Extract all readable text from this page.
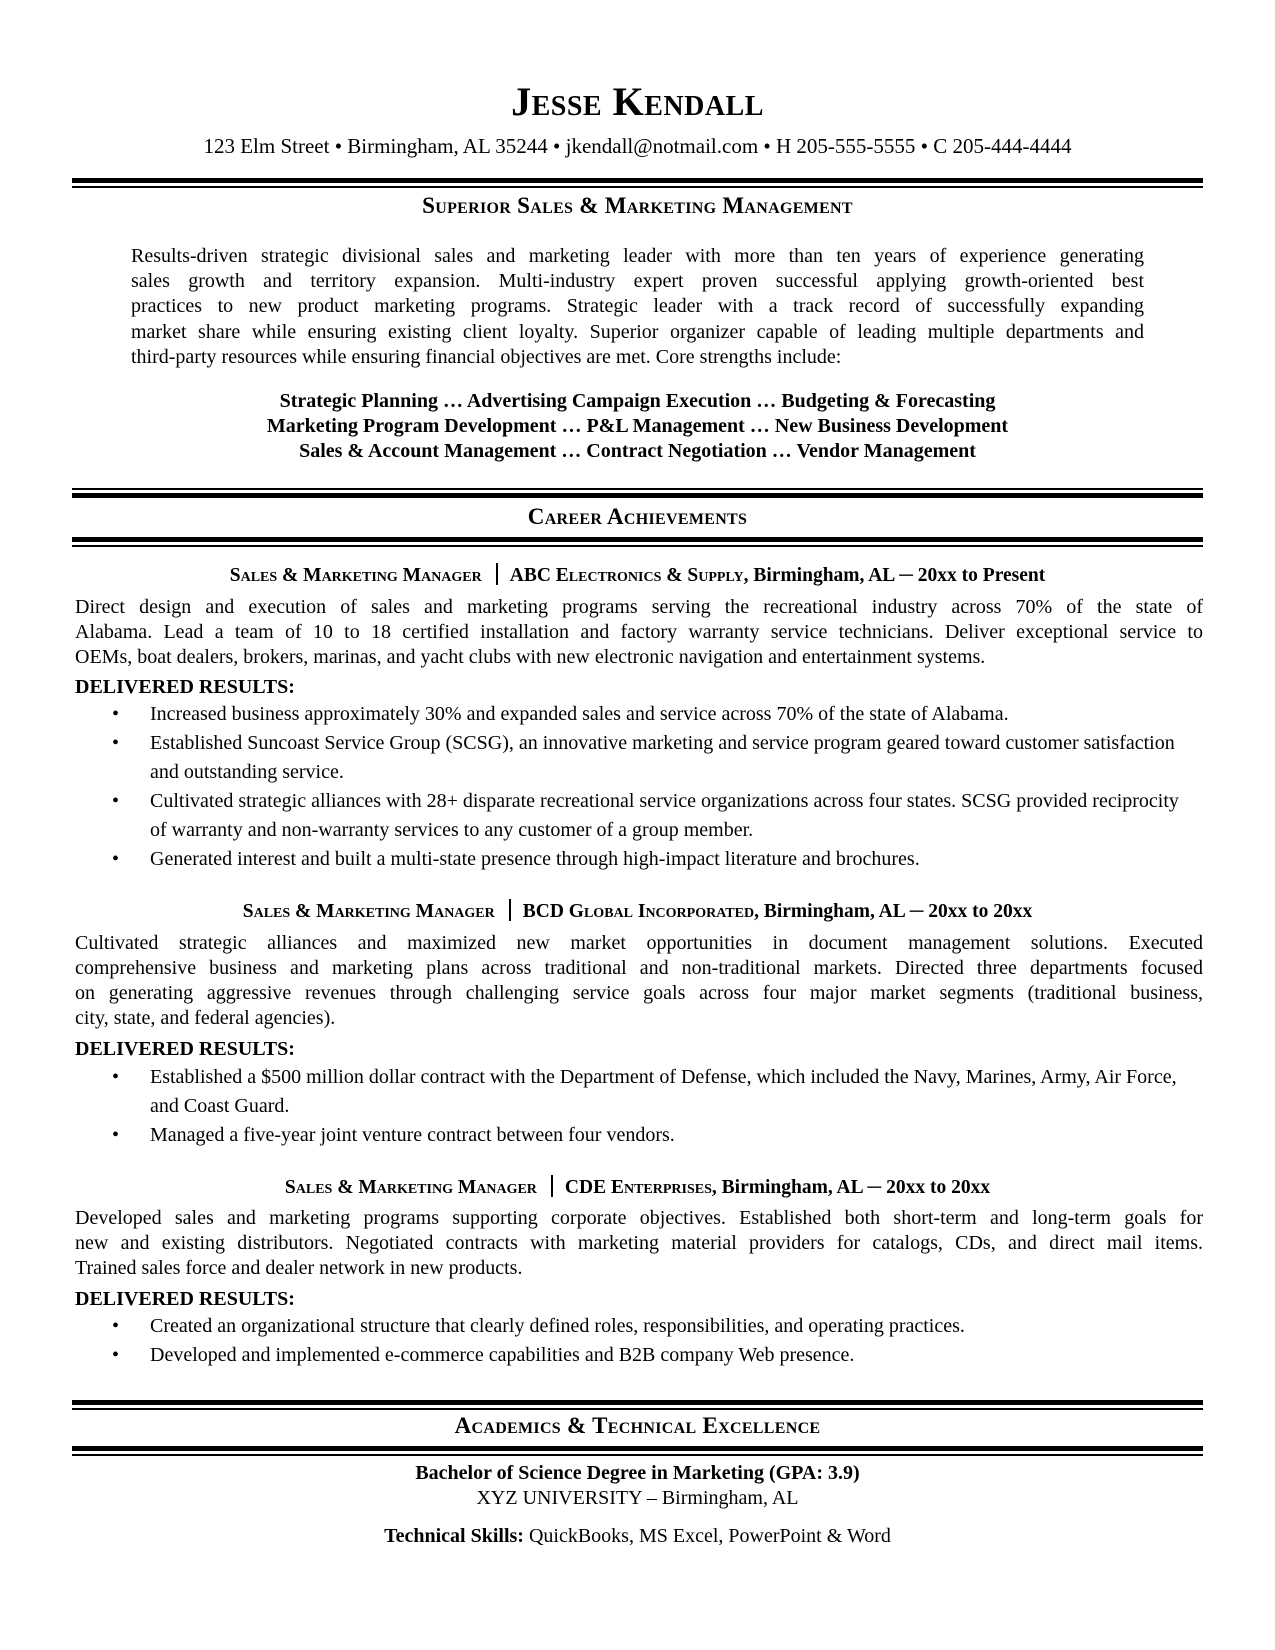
Jesse Kendall
123 Elm Street • Birmingham, AL 35244 • jkendall@notmail.com • H 205-555-5555 • C 205-444-4444
Superior Sales & Marketing Management
Results-driven strategic divisional sales and marketing leader with more than ten years of experience generating
sales growth and territory expansion. Multi-industry expert proven successful applying growth-oriented best
practices to new product marketing programs. Strategic leader with a track record of successfully expanding
market share while ensuring existing client loyalty. Superior organizer capable of leading multiple departments and
third-party resources while ensuring financial objectives are met. Core strengths include:
Strategic Planning … Advertising Campaign Execution … Budgeting & Forecasting
Marketing Program Development … P&L Management … New Business Development
Sales & Account Management … Contract Negotiation … Vendor Management
Career Achievements
Sales & Marketing Manager ABC Electronics & Supply, Birmingham, AL ─ 20xx to Present
Direct design and execution of sales and marketing programs serving the recreational industry across 70% of the state of
Alabama. Lead a team of 10 to 18 certified installation and factory warranty service technicians. Deliver exceptional service to
OEMs, boat dealers, brokers, marinas, and yacht clubs with new electronic navigation and entertainment systems.
DELIVERED RESULTS:
• Increased business approximately 30% and expanded sales and service across 70% of the state of Alabama.
• Established Suncoast Service Group (SCSG), an innovative marketing and service program geared toward customer satisfaction and outstanding service.
• Cultivated strategic alliances with 28+ disparate recreational service organizations across four states. SCSG provided reciprocity of warranty and non-warranty services to any customer of a group member.
• Generated interest and built a multi-state presence through high-impact literature and brochures.
Sales & Marketing Manager BCD Global Incorporated, Birmingham, AL ─ 20xx to 20xx
Cultivated strategic alliances and maximized new market opportunities in document management solutions. Executed
comprehensive business and marketing plans across traditional and non-traditional markets. Directed three departments focused
on generating aggressive revenues through challenging service goals across four major market segments (traditional business,
city, state, and federal agencies).
DELIVERED RESULTS:
• Established a $500 million dollar contract with the Department of Defense, which included the Navy, Marines, Army, Air Force, and Coast Guard.
• Managed a five-year joint venture contract between four vendors.
Sales & Marketing Manager CDE Enterprises, Birmingham, AL ─ 20xx to 20xx
Developed sales and marketing programs supporting corporate objectives. Established both short-term and long-term goals for
new and existing distributors. Negotiated contracts with marketing material providers for catalogs, CDs, and direct mail items.
Trained sales force and dealer network in new products.
DELIVERED RESULTS:
• Created an organizational structure that clearly defined roles, responsibilities, and operating practices.
• Developed and implemented e-commerce capabilities and B2B company Web presence.
Academics & Technical Excellence
Bachelor of Science Degree in Marketing (GPA: 3.9)
XYZ UNIVERSITY – Birmingham, AL
Technical Skills: QuickBooks, MS Excel, PowerPoint & Word
